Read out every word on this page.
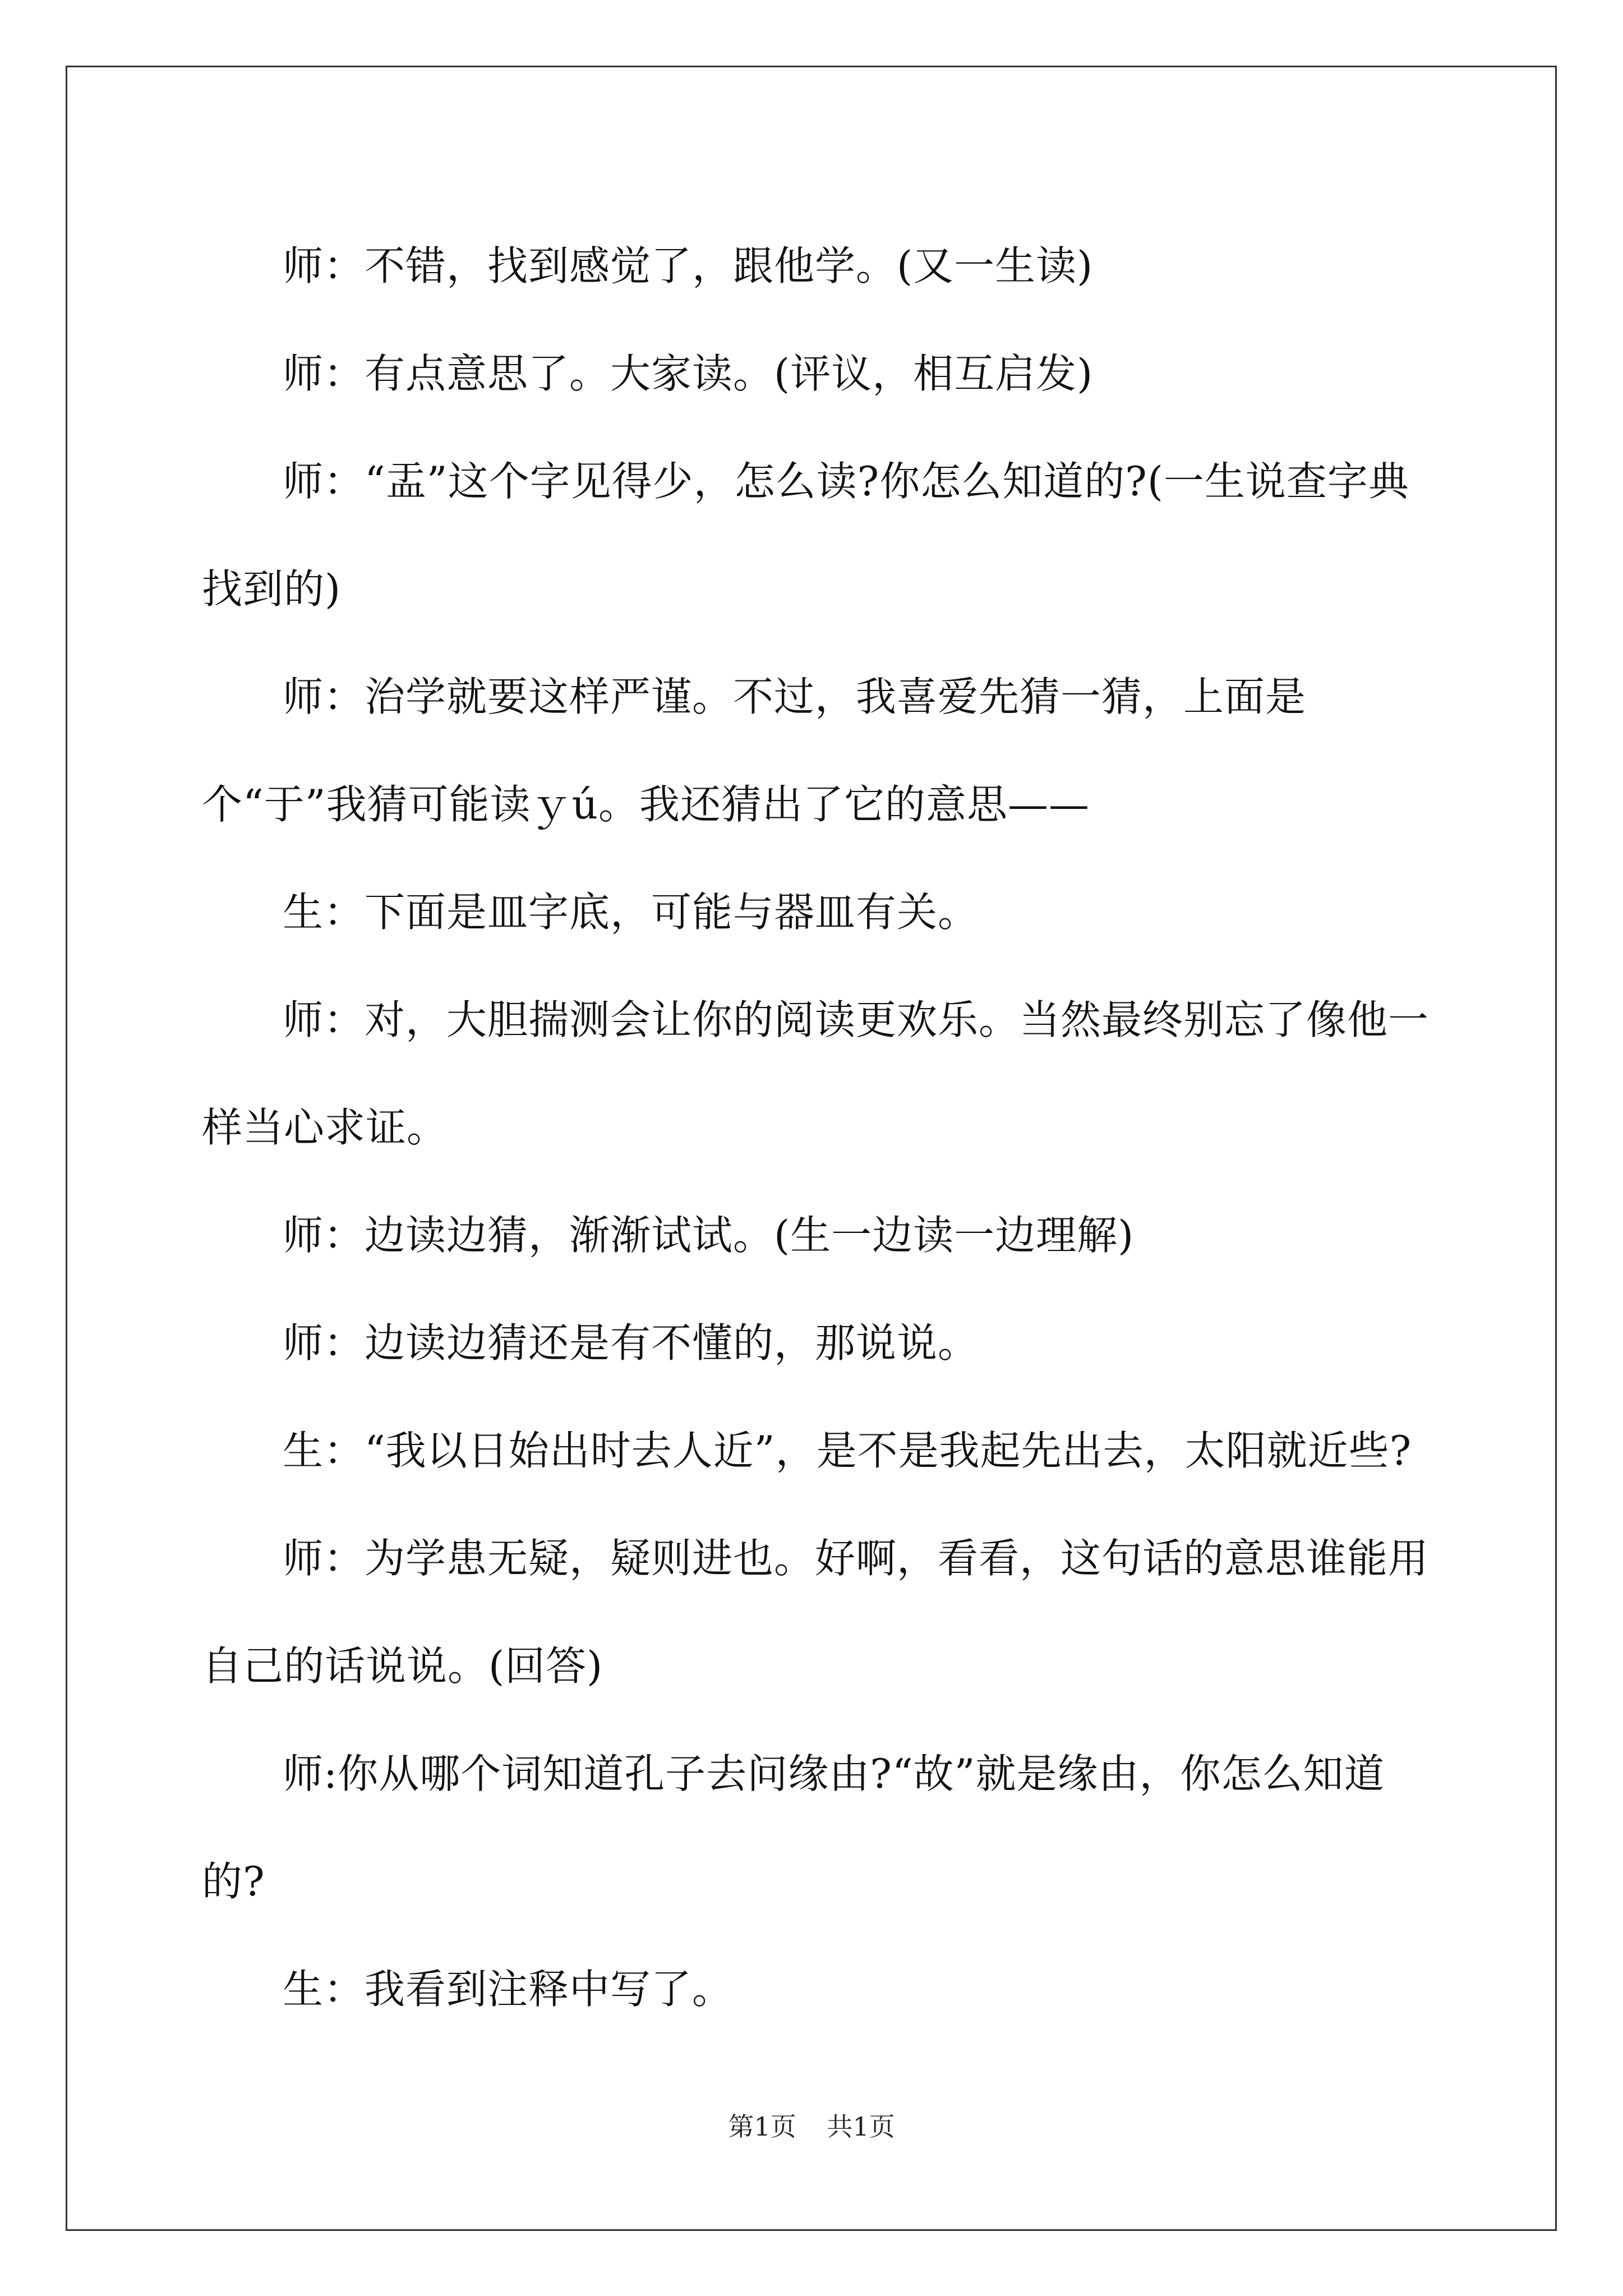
师：不错，找到感觉了，跟他学。(又一生读)

师：有点意思了。大家读。(评议，相互启发)

师：“盂”这个字见得少，怎么读?你怎么知道的?(一生说查字典找到的)

师：治学就要这样严谨。不过，我喜爱先猜一猜，上面是个“于”我猜可能读ｙú。我还猜出了它的意思——

生：下面是皿字底，可能与器皿有关。

师：对，大胆揣测会让你的阅读更欢乐。当然最终别忘了像他一样当心求证。

师：边读边猜，渐渐试试。(生一边读一边理解)

师：边读边猜还是有不懂的，那说说。

生：“我以日始出时去人近”，是不是我起先出去，太阳就近些?

师：为学患无疑，疑则进也。好啊，看看，这句话的意思谁能用自己的话说说。(回答)

师:你从哪个词知道孔子去问缘由?“故”就是缘由，你怎么知道的?

生：我看到注释中写了。

第1页 共1页
